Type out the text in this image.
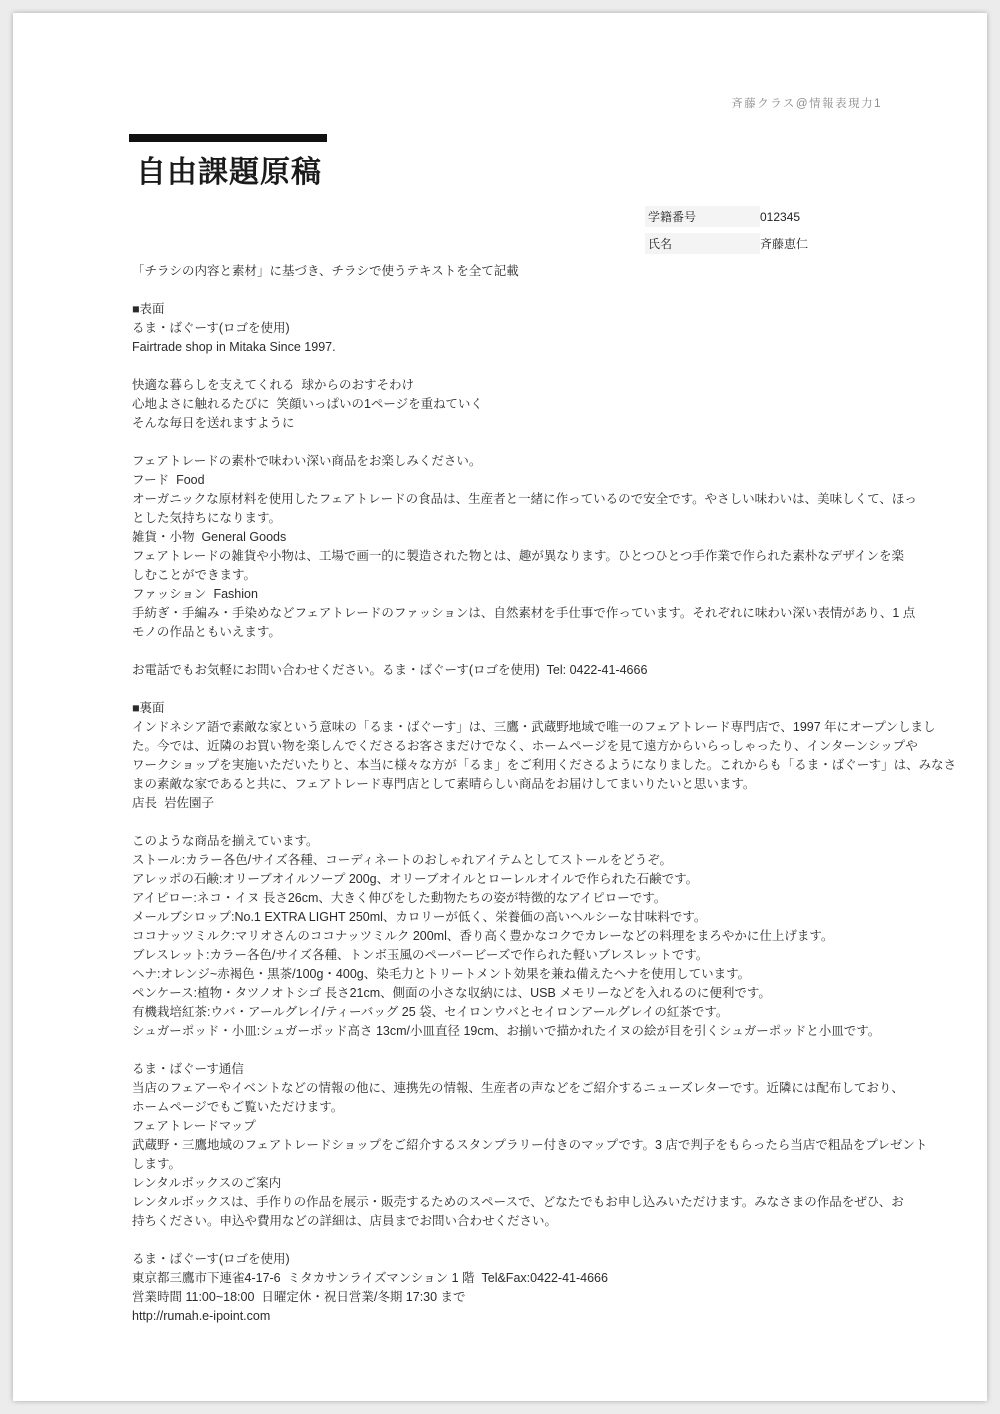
斉藤クラス@情報表現力1
自由課題原稿
学籍番号	012345
氏名	斉藤恵仁
「チラシの内容と素材」に基づき、チラシで使うテキストを全て記載
■表面
るま・ばぐーす(ロゴを使用)
Fairtrade shop in Mitaka Since 1997.
快適な暮らしを支えてくれる  球からのおすそわけ
心地よさに触れるたびに  笑顔いっぱいの1ページを重ねていく
そんな毎日を送れますように
フェアトレードの素朴で味わい深い商品をお楽しみください。
フード  Food
オーガニックな原材料を使用したフェアトレードの食品は、生産者と一緒に作っているので安全です。やさしい味わいは、美味しくて、ほっ
とした気持ちになります。
雑貨・小物  General Goods
フェアトレードの雑貨や小物は、工場で画一的に製造された物とは、趣が異なります。ひとつひとつ手作業で作られた素朴なデザインを楽
しむことができます。
ファッション  Fashion
手紡ぎ・手編み・手染めなどフェアトレードのファッションは、自然素材を手仕事で作っています。それぞれに味わい深い表情があり、1 点
モノの作品ともいえます。
お電話でもお気軽にお問い合わせください。るま・ばぐーす(ロゴを使用)  Tel: 0422-41-4666
■裏面
インドネシア語で素敵な家という意味の「るま・ばぐーす」は、三鷹・武蔵野地域で唯一のフェアトレード専門店で、1997 年にオープンしまし
た。今では、近隣のお買い物を楽しんでくださるお客さまだけでなく、ホームページを見て遠方からいらっしゃったり、インターンシップや
ワークショップを実施いただいたりと、本当に様々な方が「るま」をご利用くださるようになりました。これからも「るま・ばぐーす」は、みなさ
まの素敵な家であると共に、フェアトレード専門店として素晴らしい商品をお届けしてまいりたいと思います。
店長  岩佐園子
このような商品を揃えています。
ストール:カラー各色/サイズ各種、コーディネートのおしゃれアイテムとしてストールをどうぞ。
アレッポの石鹸:オリーブオイルソープ 200g、オリーブオイルとローレルオイルで作られた石鹸です。
アイピロー:ネコ・イヌ 長さ26cm、大きく伸びをした動物たちの姿が特徴的なアイピローです。
メールブシロップ:No.1 EXTRA LIGHT 250ml、カロリーが低く、栄養価の高いヘルシーな甘味料です。
ココナッツミルク:マリオさんのココナッツミルク 200ml、香り高く豊かなコクでカレーなどの料理をまろやかに仕上げます。
ブレスレット:カラー各色/サイズ各種、トンボ玉風のペーパービーズで作られた軽いブレスレットです。
ヘナ:オレンジ~赤褐色・黒茶/100g・400g、染毛力とトリートメント効果を兼ね備えたヘナを使用しています。
ペンケース:植物・タツノオトシゴ 長さ21cm、側面の小さな収納には、USB メモリーなどを入れるのに便利です。
有機栽培紅茶:ウバ・アールグレイ/ティーバッグ 25 袋、セイロンウバとセイロンアールグレイの紅茶です。
シュガーポッド・小皿:シュガーポッド高さ 13cm/小皿直径 19cm、お揃いで描かれたイヌの絵が目を引くシュガーポッドと小皿です。
るま・ばぐーす通信
当店のフェアーやイベントなどの情報の他に、連携先の情報、生産者の声などをご紹介するニューズレターです。近隣には配布しており、
ホームページでもご覧いただけます。
フェアトレードマップ
武蔵野・三鷹地域のフェアトレードショップをご紹介するスタンプラリー付きのマップです。3 店で判子をもらったら当店で粗品をプレゼント
します。
レンタルボックスのご案内
レンタルボックスは、手作りの作品を展示・販売するためのスペースで、どなたでもお申し込みいただけます。みなさまの作品をぜひ、お
持ちください。申込や費用などの詳細は、店員までお問い合わせください。
るま・ばぐーす(ロゴを使用)
東京都三鷹市下連雀4-17-6  ミタカサンライズマンション 1 階  Tel&Fax:0422-41-4666
営業時間 11:00~18:00  日曜定休・祝日営業/冬期 17:30 まで
http://rumah.e-ipoint.com
